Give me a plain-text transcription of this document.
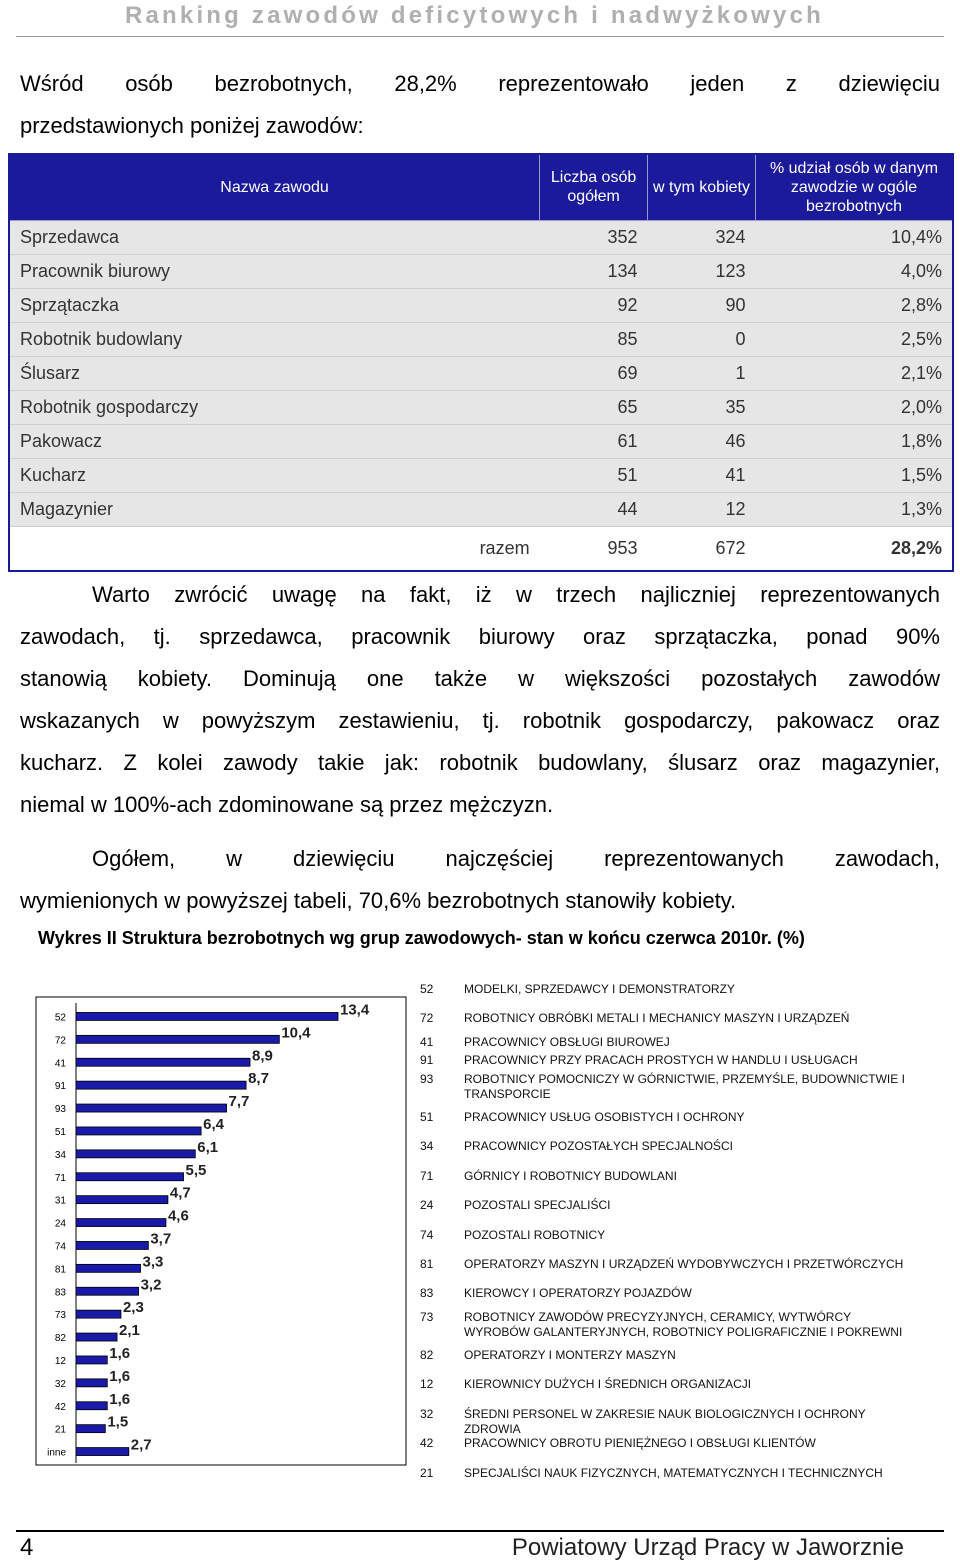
Ranking zawodów deficytowych i nadwyżkowych
Wśród osób bezrobotnych, 28,2% reprezentowało jeden z dziewięciu
przedstawionych poniżej zawodów:
Nazwa zawodu	Liczba osób ogółem	w tym kobiety	% udział osób w danym zawodzie w ogóle bezrobotnych
Sprzedawca	352	324	10,4%
Pracownik biurowy	134	123	4,0%
Sprzątaczka	92	90	2,8%
Robotnik budowlany	85	0	2,5%
Ślusarz	69	1	2,1%
Robotnik gospodarczy	65	35	2,0%
Pakowacz	61	46	1,8%
Kucharz	51	41	1,5%
Magazynier	44	12	1,3%
razem	953	672	28,2%
Warto zwrócić uwagę na fakt, iż w trzech najliczniej reprezentowanych
zawodach, tj. sprzedawca, pracownik biurowy oraz sprzątaczka, ponad 90%
stanowią kobiety. Dominują one także w większości pozostałych zawodów
wskazanych w powyższym zestawieniu, tj. robotnik gospodarczy, pakowacz oraz
kucharz. Z kolei zawody takie jak: robotnik budowlany, ślusarz oraz magazynier,
niemal w 100%-ach zdominowane są przez mężczyzn.
Ogółem, w dziewięciu najczęściej reprezentowanych zawodach,
wymienionych w powyższej tabeli, 70,6% bezrobotnych stanowiły kobiety.
Wykres II Struktura bezrobotnych wg grup zawodowych- stan w końcu czerwca 2010r. (%)
52	13,4
72	10,4
41	8,9
91	8,7
93	7,7
51	6,4
34	6,1
71	5,5
31	4,7
24	4,6
74	3,7
81	3,3
83	3,2
73	2,3
82	2,1
12	1,6
32	1,6
42	1,6
21	1,5
inne	2,7
52	MODELKI, SPRZEDAWCY I DEMONSTRATORZY
72	ROBOTNICY OBRÓBKI METALI I MECHANICY MASZYN I URZĄDZEŃ
41	PRACOWNICY OBSŁUGI BIUROWEJ
91	PRACOWNICY PRZY PRACACH PROSTYCH W HANDLU I USŁUGACH
93	ROBOTNICY POMOCNICZY W GÓRNICTWIE, PRZEMYŚLE, BUDOWNICTWIE I TRANSPORCIE
51	PRACOWNICY USŁUG OSOBISTYCH I OCHRONY
34	PRACOWNICY POZOSTAŁYCH SPECJALNOŚCI
71	GÓRNICY I ROBOTNICY BUDOWLANI
24	POZOSTALI SPECJALIŚCI
74	POZOSTALI ROBOTNICY
81	OPERATORZY MASZYN I URZĄDZEŃ WYDOBYWCZYCH I PRZETWÓRCZYCH
83	KIEROWCY I OPERATORZY POJAZDÓW
73	ROBOTNICY ZAWODÓW PRECYZYJNYCH, CERAMICY, WYTWÓRCY WYROBÓW GALANTERYJNYCH, ROBOTNICY POLIGRAFICZNIE I POKREWNI
82	OPERATORZY I MONTERZY MASZYN
12	KIEROWNICY DUŻYCH I ŚREDNICH ORGANIZACJI
32	ŚREDNI PERSONEL W ZAKRESIE NAUK BIOLOGICZNYCH I OCHRONY ZDROWIA
42	PRACOWNICY OBROTU PIENIĘŻNEGO I OBSŁUGI KLIENTÓW
21	SPECJALIŚCI NAUK FIZYCZNYCH, MATEMATYCZNYCH I TECHNICZNYCH
4	Powiatowy Urząd Pracy w Jaworznie
